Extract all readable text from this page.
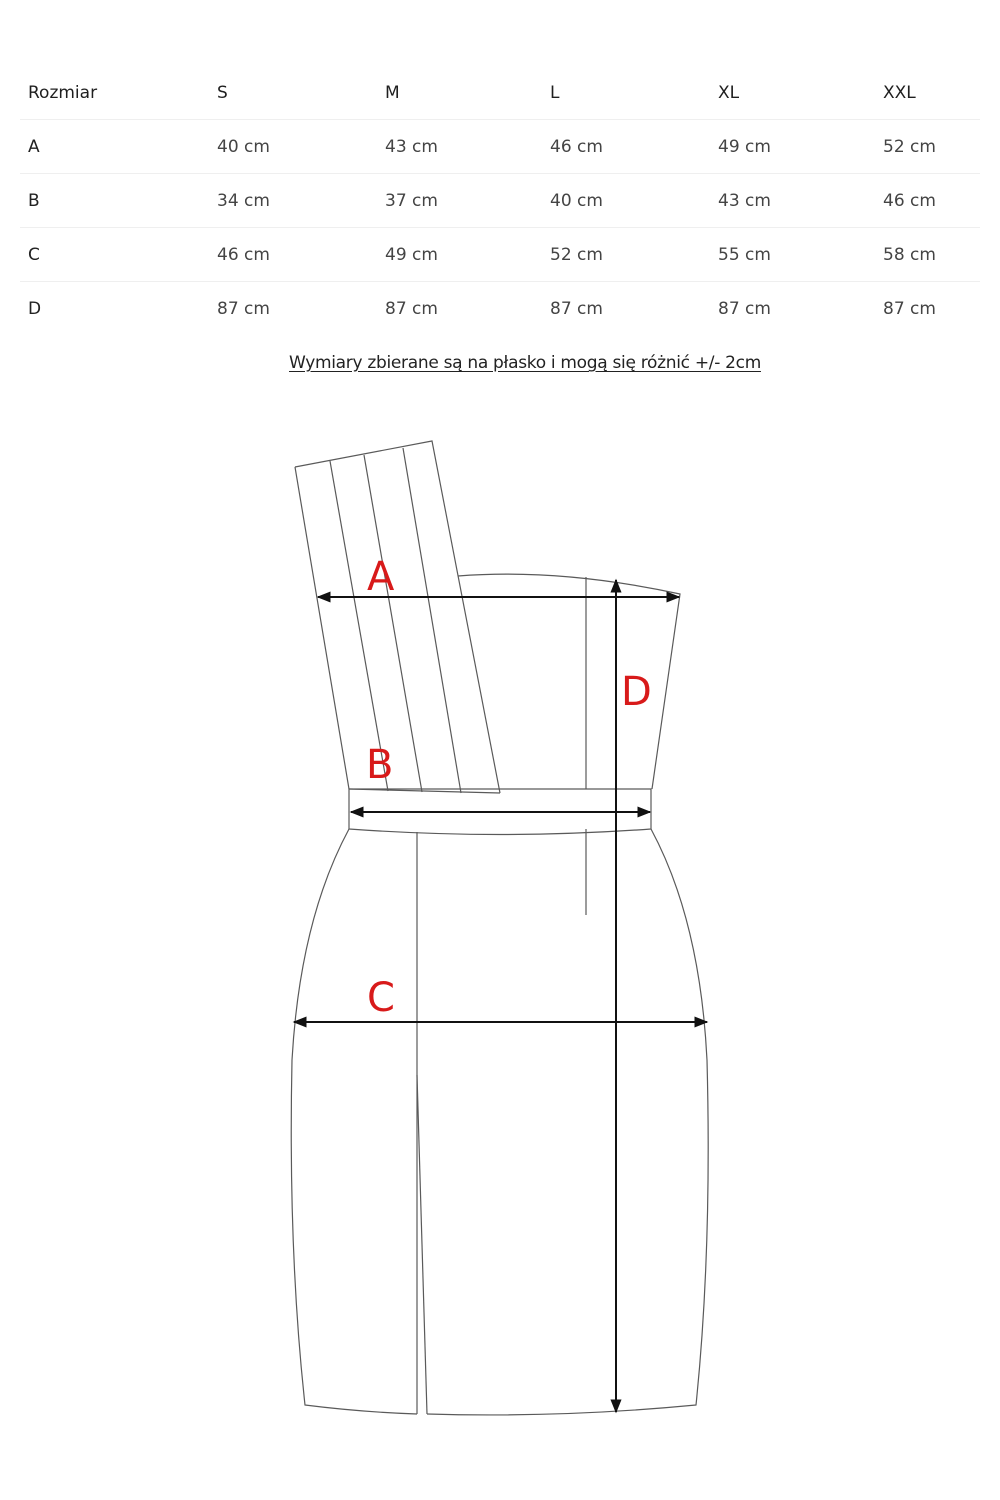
Rozmiar	S	M	L	XL	XXL
A	40 cm	43 cm	46 cm	49 cm	52 cm
B	34 cm	37 cm	40 cm	43 cm	46 cm
C	46 cm	49 cm	52 cm	55 cm	58 cm
D	87 cm	87 cm	87 cm	87 cm	87 cm
Wymiary zbierane są na płasko i mogą się różnić +/- 2cm
A
B
C
D
